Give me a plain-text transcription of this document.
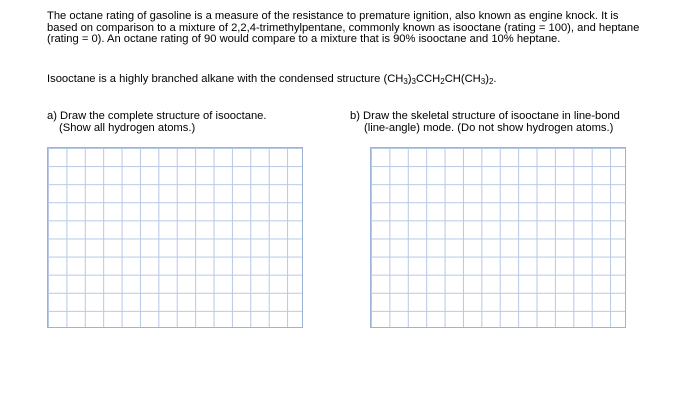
The octane rating of gasoline is a measure of the resistance to premature ignition, also known as engine knock. It is based on comparison to a mixture of 2,2,4-trimethylpentane, commonly known as isooctane (rating = 100), and heptane (rating = 0). An octane rating of 90 would compare to a mixture that is 90% isooctane and 10% heptane.

Isooctane is a highly branched alkane with the condensed structure $(CH_3)_3CCH_2CH(CH_3)_2$.

a) Draw the complete structure of isooctane.
(Show all hydrogen atoms.)
b) Draw the skeletal structure of isooctane in line-bond
(line-angle) mode. (Do not show hydrogen atoms.)
